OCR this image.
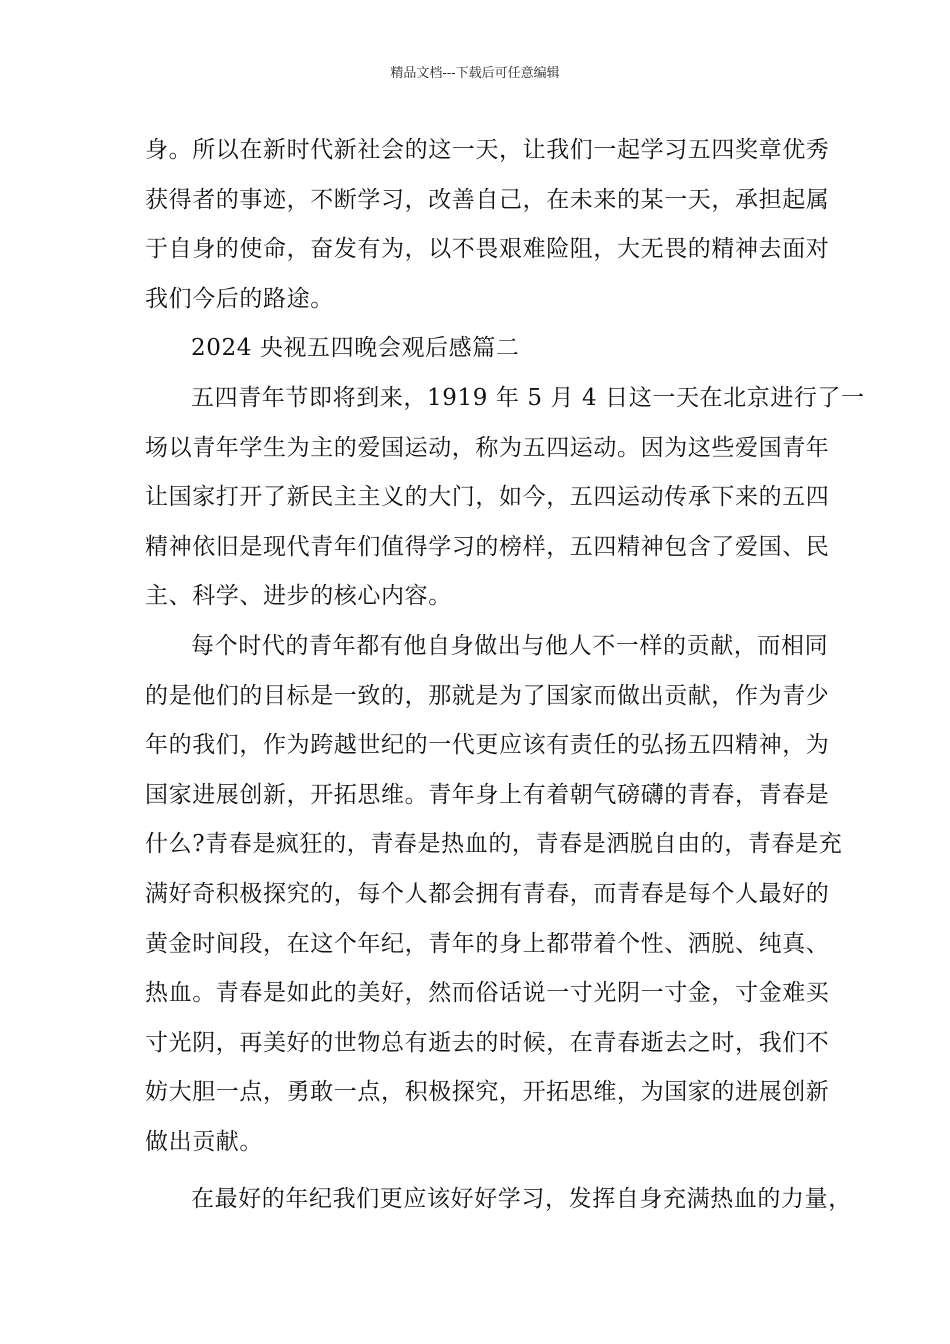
精品文档---下载后可任意编辑
身。所以在新时代新社会的这一天，让我们一起学习五四奖章优秀
获得者的事迹，不断学习，改善自己，在未来的某一天，承担起属
于自身的使命，奋发有为，以不畏艰难险阻，大无畏的精神去面对
我们今后的路途。
2024 央视五四晚会观后感篇二
五四青年节即将到来，1919 年 5 月 4 日这一天在北京进行了一
场以青年学生为主的爱国运动，称为五四运动。因为这些爱国青年
让国家打开了新民主主义的大门，如今，五四运动传承下来的五四
精神依旧是现代青年们值得学习的榜样，五四精神包含了爱国、民
主、科学、进步的核心内容。
每个时代的青年都有他自身做出与他人不一样的贡献，而相同
的是他们的目标是一致的，那就是为了国家而做出贡献，作为青少
年的我们，作为跨越世纪的一代更应该有责任的弘扬五四精神，为
国家进展创新，开拓思维。青年身上有着朝气磅礴的青春，青春是
什么?青春是疯狂的，青春是热血的，青春是洒脱自由的，青春是充
满好奇积极探究的，每个人都会拥有青春，而青春是每个人最好的
黄金时间段，在这个年纪，青年的身上都带着个性、洒脱、纯真、
热血。青春是如此的美好，然而俗话说一寸光阴一寸金，寸金难买
寸光阴，再美好的世物总有逝去的时候，在青春逝去之时，我们不
妨大胆一点，勇敢一点，积极探究，开拓思维，为国家的进展创新
做出贡献。
在最好的年纪我们更应该好好学习，发挥自身充满热血的力量，
